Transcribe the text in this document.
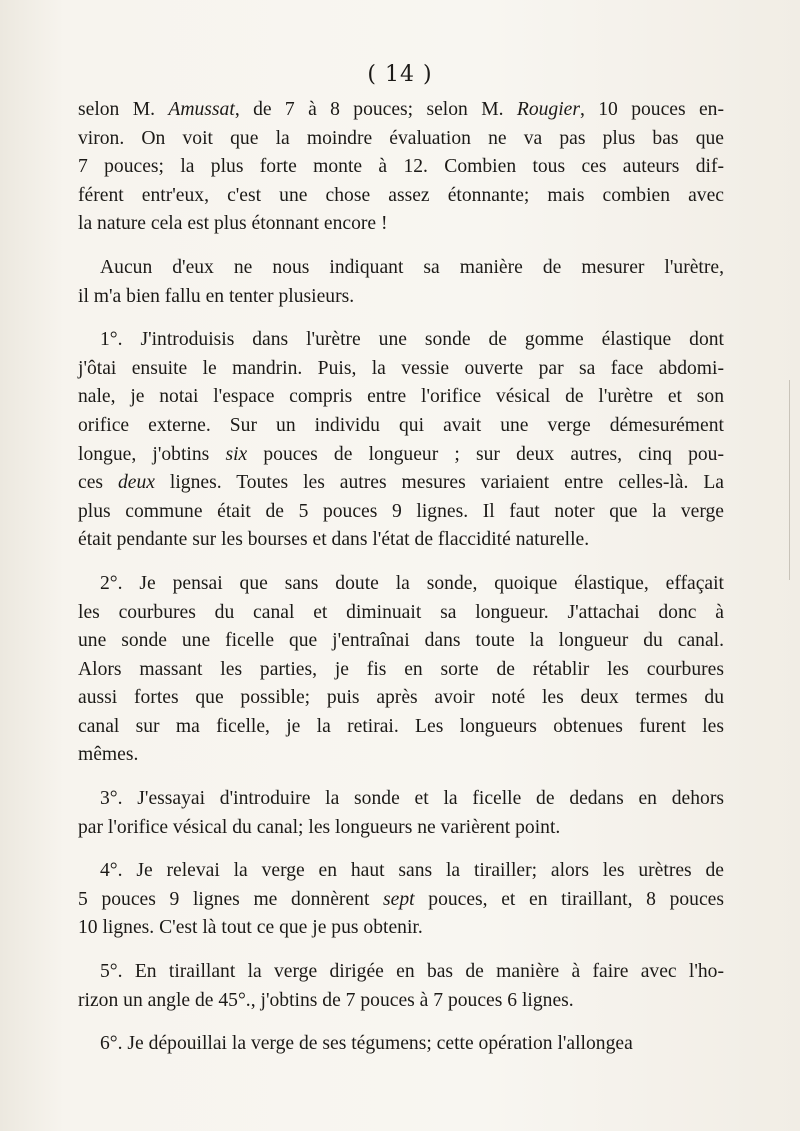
( 14 )
selon M. Amussat, de 7 à 8 pouces; selon M. Rougier, 10 pouces en-
viron. On voit que la moindre évaluation ne va pas plus bas que
7 pouces; la plus forte monte à 12. Combien tous ces auteurs dif-
férent entr'eux, c'est une chose assez étonnante; mais combien avec
la nature cela est plus étonnant encore !
Aucun d'eux ne nous indiquant sa manière de mesurer l'urètre,
il m'a bien fallu en tenter plusieurs.
1°. J'introduisis dans l'urètre une sonde de gomme élastique dont
j'ôtai ensuite le mandrin. Puis, la vessie ouverte par sa face abdomi-
nale, je notai l'espace compris entre l'orifice vésical de l'urètre et son
orifice externe. Sur un individu qui avait une verge démesurément
longue, j'obtins six pouces de longueur ; sur deux autres, cinq pou-
ces deux lignes. Toutes les autres mesures variaient entre celles-là. La
plus commune était de 5 pouces 9 lignes. Il faut noter que la verge
était pendante sur les bourses et dans l'état de flaccidité naturelle.
2°. Je pensai que sans doute la sonde, quoique élastique, effaçait
les courbures du canal et diminuait sa longueur. J'attachai donc à
une sonde une ficelle que j'entraînai dans toute la longueur du canal.
Alors massant les parties, je fis en sorte de rétablir les courbures
aussi fortes que possible; puis après avoir noté les deux termes du
canal sur ma ficelle, je la retirai. Les longueurs obtenues furent les
mêmes.
3°. J'essayai d'introduire la sonde et la ficelle de dedans en dehors
par l'orifice vésical du canal; les longueurs ne varièrent point.
4°. Je relevai la verge en haut sans la tirailler; alors les urètres de
5 pouces 9 lignes me donnèrent sept pouces, et en tiraillant, 8 pouces
10 lignes. C'est là tout ce que je pus obtenir.
5°. En tiraillant la verge dirigée en bas de manière à faire avec l'ho-
rizon un angle de 45°., j'obtins de 7 pouces à 7 pouces 6 lignes.
6°. Je dépouillai la verge de ses tégumens; cette opération l'allongea
